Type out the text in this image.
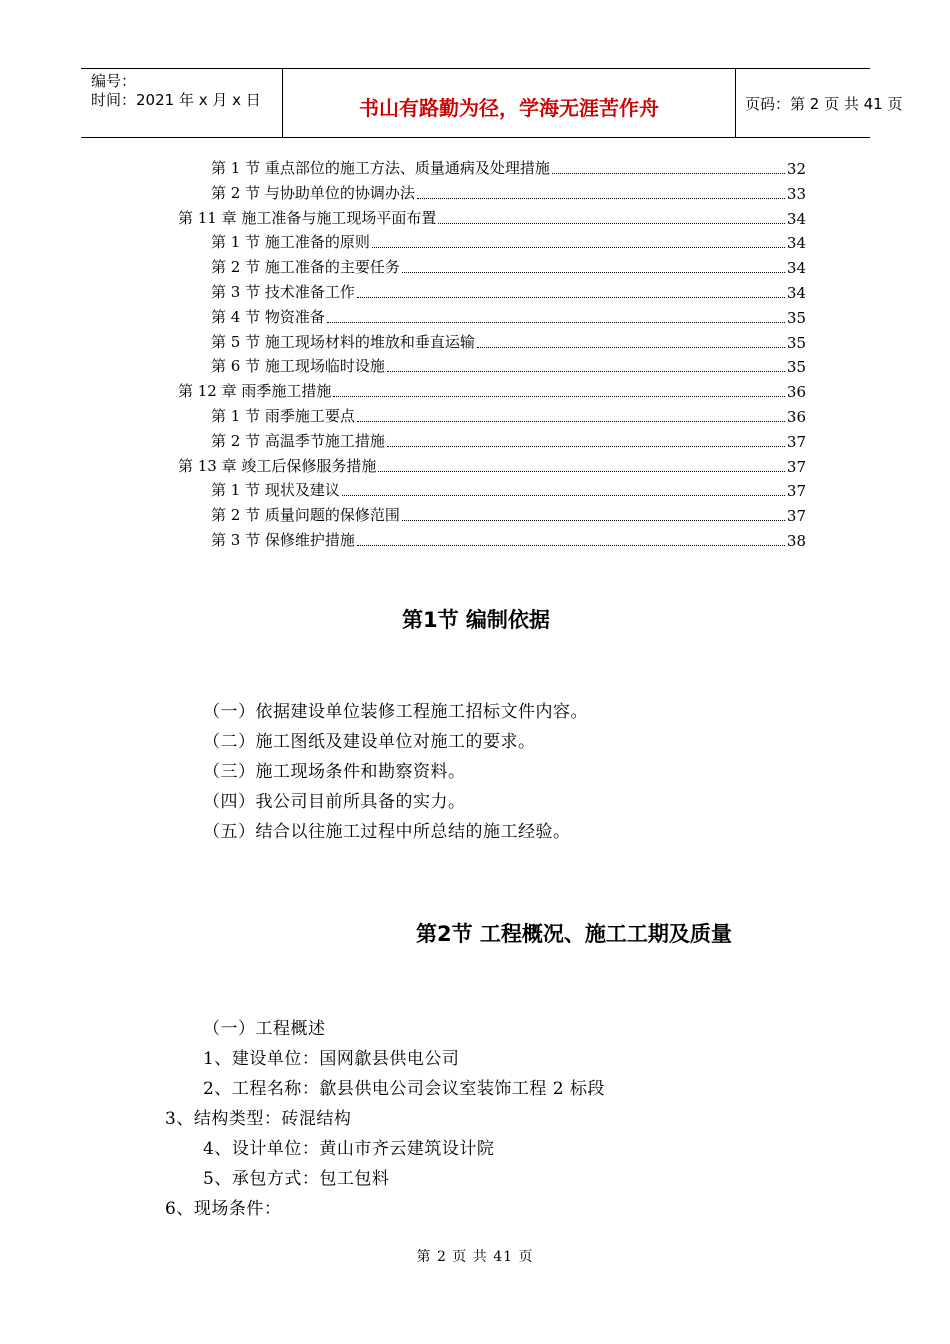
编号：
时间：2021 年 x 月 x 日	书山有路勤为径，学海无涯苦作舟	页码：第 2 页 共 41 页
第 1 节 重点部位的施工方法、质量通病及处理措施	32
第 2 节 与协助单位的协调办法	33
第 11 章 施工准备与施工现场平面布置	34
第 1 节 施工准备的原则	34
第 2 节 施工准备的主要任务	34
第 3 节 技术准备工作	34
第 4 节 物资准备	35
第 5 节 施工现场材料的堆放和垂直运输	35
第 6 节 施工现场临时设施	35
第 12 章 雨季施工措施	36
第 1 节 雨季施工要点	36
第 2 节 高温季节施工措施	37
第 13 章 竣工后保修服务措施	37
第 1 节 现状及建议	37
第 2 节 质量问题的保修范围	37
第 3 节 保修维护措施	38
第1节 编制依据
（一）依据建设单位装修工程施工招标文件内容。
（二）施工图纸及建设单位对施工的要求。
（三）施工现场条件和勘察资料。
（四）我公司目前所具备的实力。
（五）结合以往施工过程中所总结的施工经验。
第2节 工程概况、施工工期及质量
（一）工程概述
1、建设单位：国网歙县供电公司
2、工程名称：歙县供电公司会议室装饰工程 2 标段
3、结构类型：砖混结构
4、设计单位：黄山市齐云建筑设计院
5、承包方式：包工包料
6、现场条件：
第 2 页 共 41 页
